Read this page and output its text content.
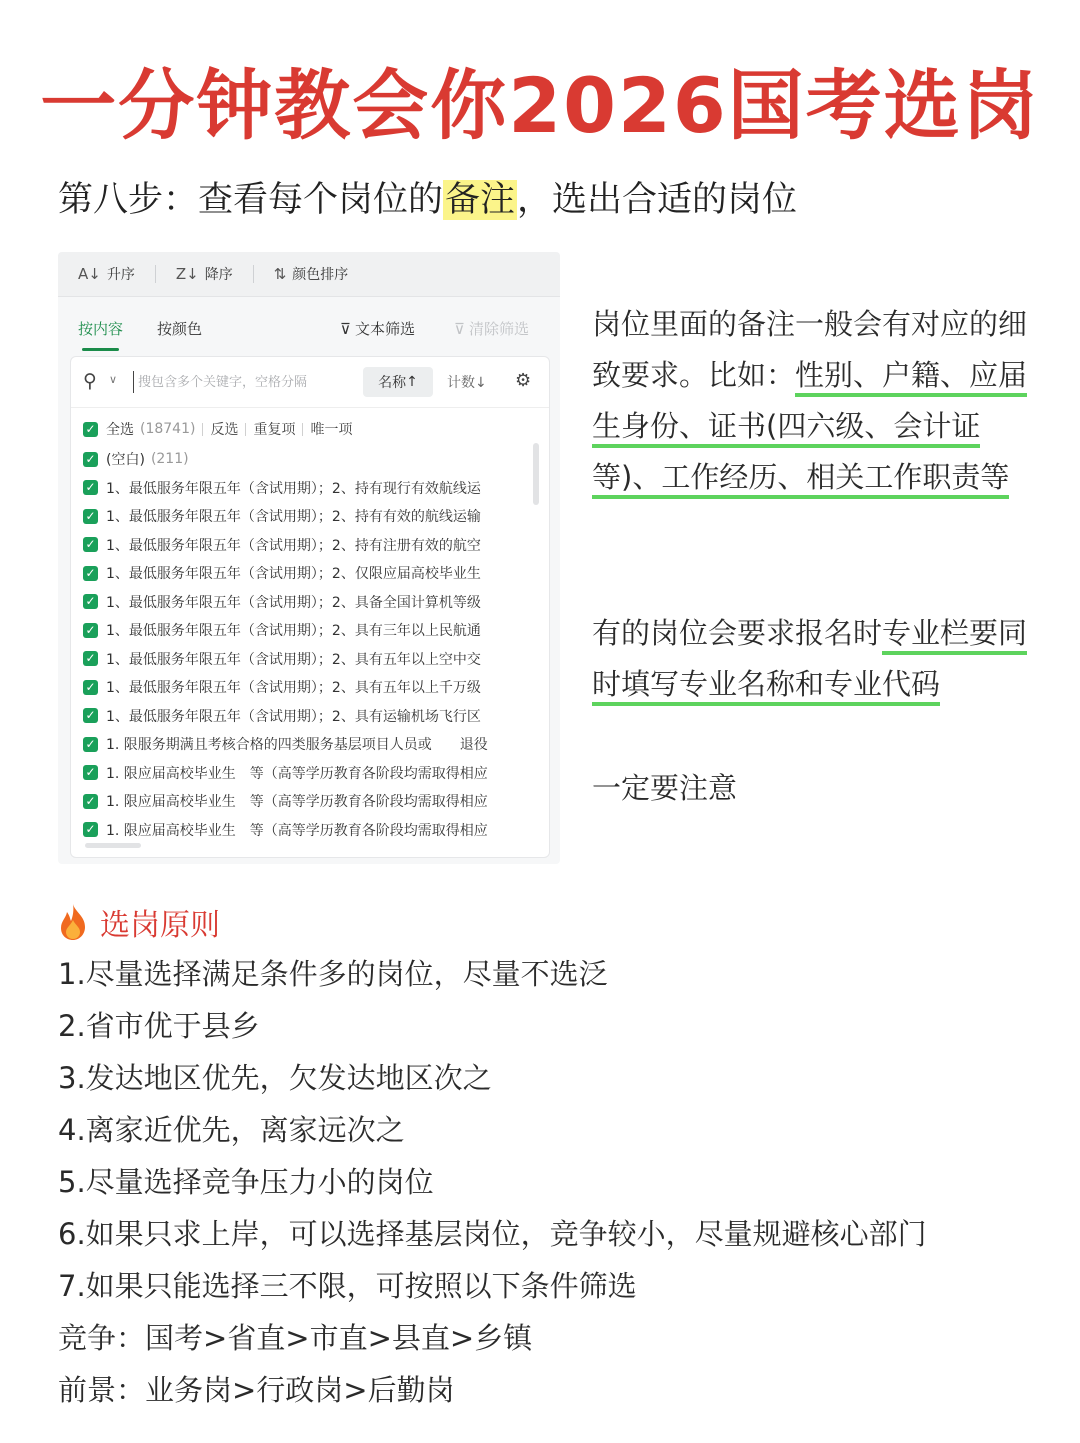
一分钟教会你2026国考选岗
第八步：查看每个岗位的备注，选出合适的岗位
A↓ 升序	Z↓ 降序	⇅ 颜色排序
按内容 按颜色	⊽ 文本筛选	⊽ 清除筛选
⚲ ∨
搜包含多个关键字，空格分隔	名称 ↑ 计数↓ ⚙
✓ 全选 (18741) 反选 重复项 唯一项
✓ (空白) (211)
✓ 1、最低服务年限五年（含试用期）；2、持有现行有效航线运
✓ 1、最低服务年限五年（含试用期）；2、持有有效的航线运输
✓ 1、最低服务年限五年（含试用期）；2、持有注册有效的航空
✓ 1、最低服务年限五年（含试用期）；2、仅限应届高校毕业生
✓ 1、最低服务年限五年（含试用期）；2、具备全国计算机等级
✓ 1、最低服务年限五年（含试用期）；2、具有三年以上民航通
✓ 1、最低服务年限五年（含试用期）；2、具有五年以上空中交
✓ 1、最低服务年限五年（含试用期）；2、具有五年以上千万级
✓ 1、最低服务年限五年（含试用期）；2、具有运输机场飞行区
✓ 1. 限服务期满且考核合格的四类服务基层项目人员或　　退役
✓ 1. 限应届高校毕业生　等（高等学历教育各阶段均需取得相应
✓ 1. 限应届高校毕业生　等（高等学历教育各阶段均需取得相应
✓ 1. 限应届高校毕业生　等（高等学历教育各阶段均需取得相应
岗位里面的备注一般会有对应的细致要求。比如：性别、户籍、应届生身份、证书(四六级、会计证等)、工作经历、相关工作职责等
有的岗位会要求报名时专业栏要同时填写专业名称和专业代码
一定要注意
选岗原则
1.尽量选择满足条件多的岗位，尽量不选泛
2.省市优于县乡
3.发达地区优先，欠发达地区次之
4.离家近优先，离家远次之
5.尽量选择竞争压力小的岗位
6.如果只求上岸，可以选择基层岗位，竞争较小，尽量规避核心部门
7.如果只能选择三不限，可按照以下条件筛选
竞争：国考>省直>市直>县直>乡镇
前景：业务岗>行政岗>后勤岗
